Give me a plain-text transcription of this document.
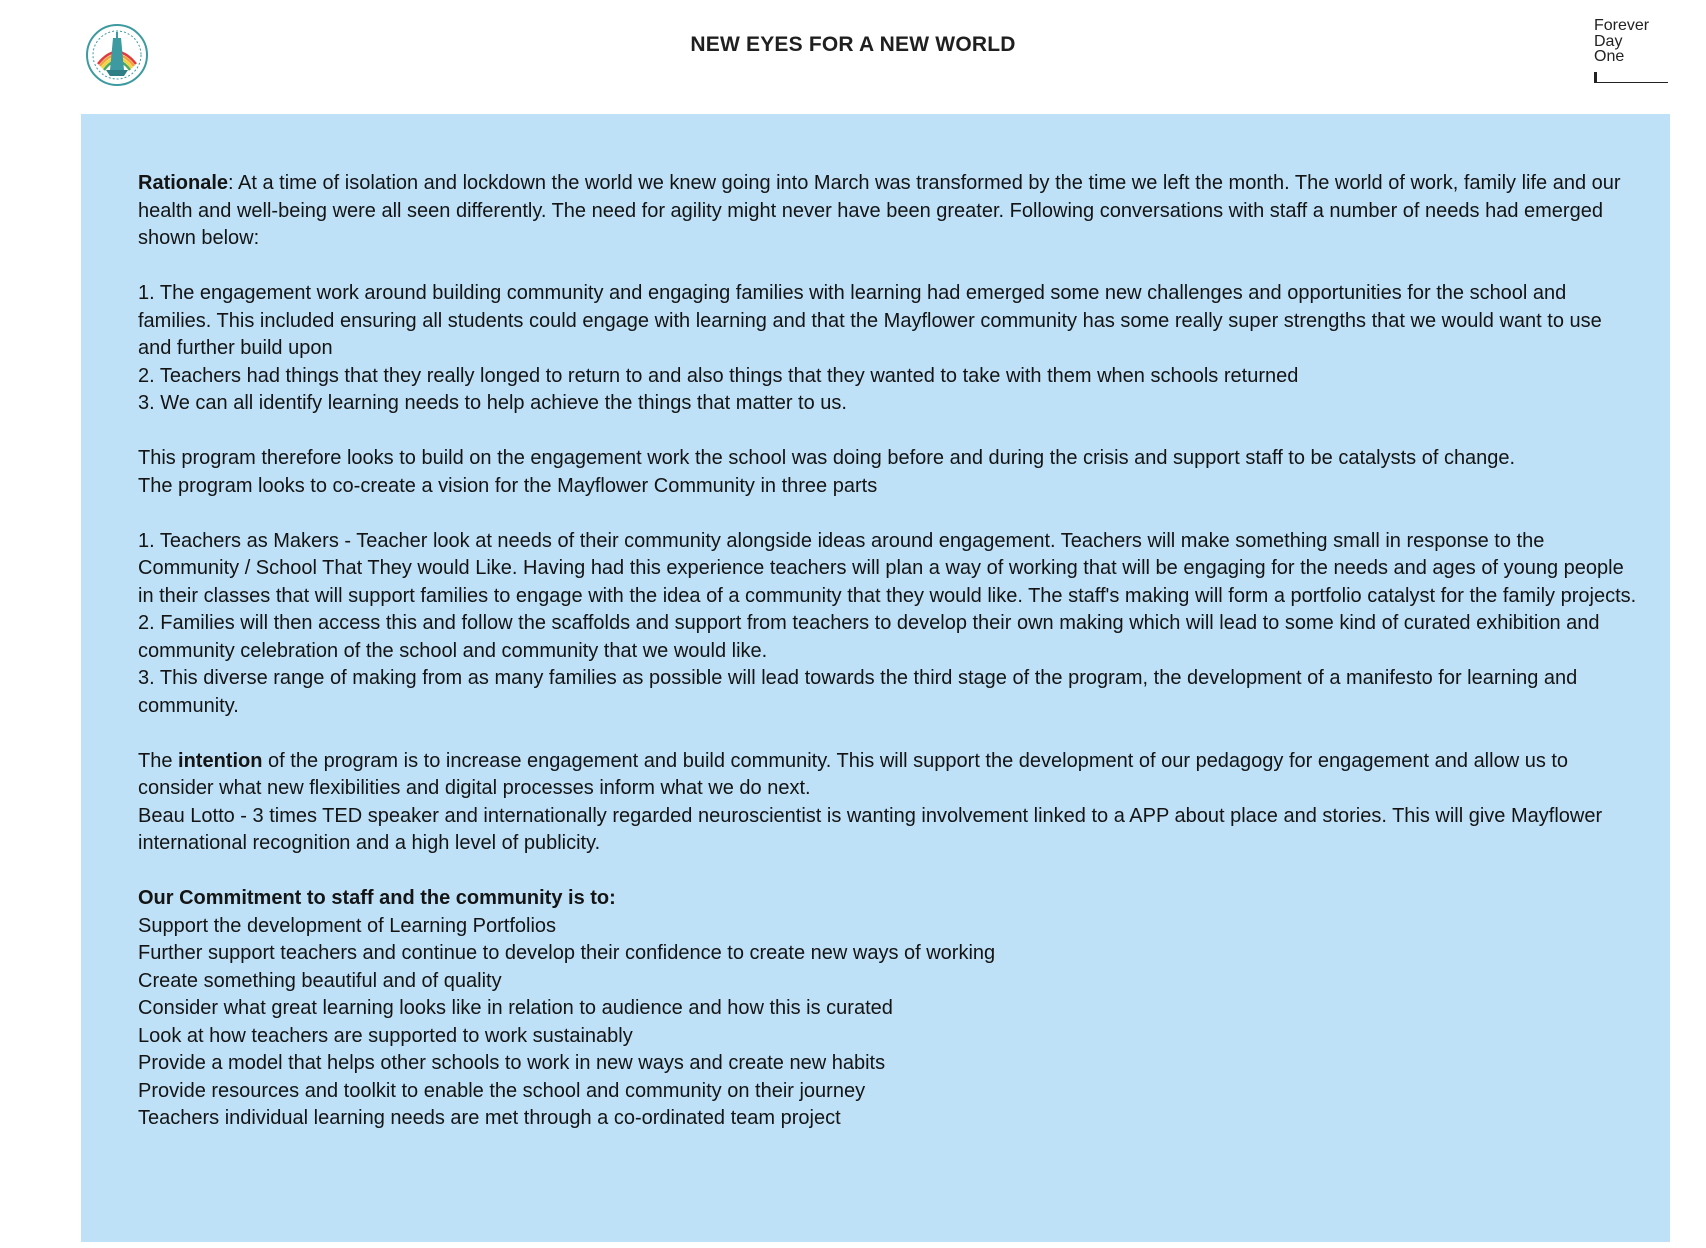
NEW EYES FOR A NEW WORLD
Forever
Day
One

Rationale: At a time of isolation and lockdown the world we knew going into March was transformed by the time we left the month. The world of work, family life and our health and well-being were all seen differently. The need for agility might never have been greater. Following conversations with staff a number of needs had emerged shown below:

1. The engagement work around building community and engaging families with learning had emerged some new challenges and opportunities for the school and families. This included ensuring all students could engage with learning and that the Mayflower community has some really super strengths that we would want to use and further build upon

2. Teachers had things that they really longed to return to and also things that they wanted to take with them when schools returned

3. We can all identify learning needs to help achieve the things that matter to us.

This program therefore looks to build on the engagement work the school was doing before and during the crisis and support staff to be catalysts of change.

The program looks to co-create a vision for the Mayflower Community in three parts

1. Teachers as Makers - Teacher look at needs of their community alongside ideas around engagement. Teachers will make something small in response to the Community / School That They would Like. Having had this experience teachers will plan a way of working that will be engaging for the needs and ages of young people in their classes that will support families to engage with the idea of a community that they would like. The staff's making will form a portfolio catalyst for the family projects.

2. Families will then access this and follow the scaffolds and support from teachers to develop their own making which will lead to some kind of curated exhibition and community celebration of the school and community that we would like.

3. This diverse range of making from as many families as possible will lead towards the third stage of the program, the development of a manifesto for learning and community.

The intention of the program is to increase engagement and build community. This will support the development of our pedagogy for engagement and allow us to consider what new flexibilities and digital processes inform what we do next.

Beau Lotto - 3 times TED speaker and internationally regarded neuroscientist is wanting involvement linked to a APP about place and stories. This will give Mayflower international recognition and a high level of publicity.

Our Commitment to staff and the community is to:

Support the development of Learning Portfolios

Further support teachers and continue to develop their confidence to create new ways of working

Create something beautiful and of quality

Consider what great learning looks like in relation to audience and how this is curated

Look at how teachers are supported to work sustainably

Provide a model that helps other schools to work in new ways and create new habits

Provide resources and toolkit to enable the school and community on their journey

Teachers individual learning needs are met through a co-ordinated team project
